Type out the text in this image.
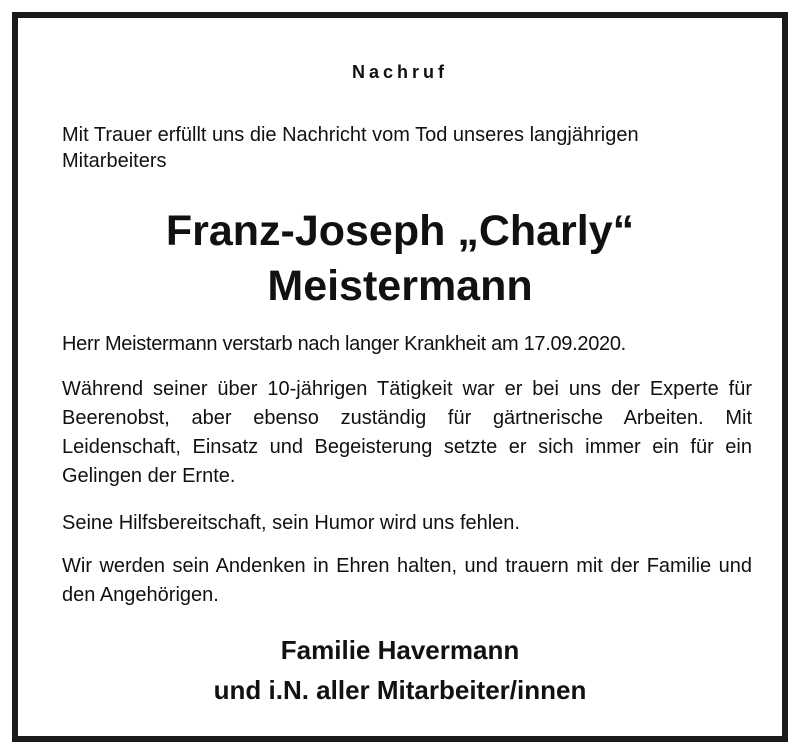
Nachruf
Mit Trauer erfüllt uns die Nachricht vom Tod unseres langjährigen
Mitarbeiters
Franz-Joseph „Charly“
Meistermann
Herr Meistermann verstarb nach langer Krankheit am 17.09.2020.
Während seiner über 10-jährigen Tätigkeit war er bei uns der Experte für Beerenobst, aber ebenso zuständig für gärtnerische Arbeiten. Mit Leidenschaft, Einsatz und Begeisterung setzte er sich immer ein für ein Gelingen der Ernte.
Seine Hilfsbereitschaft, sein Humor wird uns fehlen.
Wir werden sein Andenken in Ehren halten, und trauern mit der Familie und den Angehörigen.
Familie Havermann
und i.N. aller Mitarbeiter/innen
